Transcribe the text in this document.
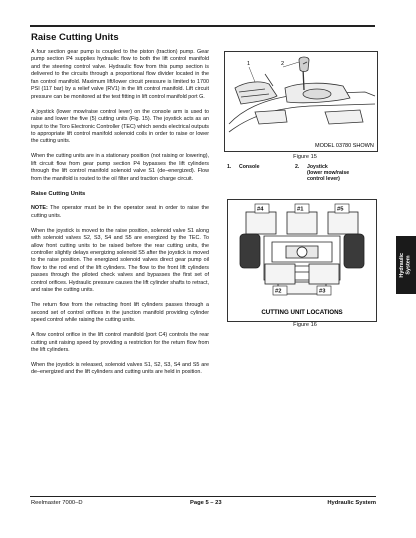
Raise Cutting Units

A four section gear pump is coupled to the piston (traction) pump. Gear pump section P4 supplies hydraulic flow to both the lift control manifold and the steering control valve. Hydraulic flow from this pump section is delivered to the circuits through a proportional flow divider located in the fan control manifold. Maximum lift/lower circuit pressure is limited to 1700 PSI (117 bar) by a relief valve (RV1) in the lift control manifold. Lift circuit pressure can be monitored at the test fitting in lift control manifold port G.

A joystick (lower mow/raise control lever) on the console arm is used to raise and lower the five (5) cutting units (Fig. 15). The joystick acts as an input to the Toro Electronic Controller (TEC) which sends electrical outputs to appropriate lift control manifold solenoid coils in order to raise or lower the cutting units.

When the cutting units are in a stationary position (not raising or lowering), lift circuit flow from gear pump section P4 bypasses the lift cylinders through the lift control manifold solenoid valve S1 (de–energized). Flow from the manifold is routed to the oil filter and traction charge circuit.

Raise Cutting Units

NOTE: The operator must be in the operator seat in order to raise the cutting units.

When the joystick is moved to the raise position, solenoid valve S1 along with solenoid valves S2, S3, S4 and S5 are energized by the TEC. To allow front cutting units to be raised before the rear cutting units, the controller slightly delays energizing solenoid S5 after the joystick is moved to the raise position. The energized solenoid valves direct gear pump oil flow to the rod end of the lift cylinders. The flow to the front lift cylinders passes through the piloted check valves and bypasses the first set of control orifices. Hydraulic pressure causes the lift cylinder shafts to retract, and raise the cutting units.

The return flow from the retracting front lift cylinders passes through a second set of control orifices in the junction manifold providing cylinder speed control while raising the cutting units.

A flow control orifice in the lift control manifold (port C4) controls the rear cutting unit raising speed by providing a restriction for the return flow from the lift cylinders.

When the joystick is released, solenoid valves S1, S2, S3, S4 and S5 are de–energized and the lift cylinders and cutting units are held in position.

1	2
MODEL 03780 SHOWN
Figure 15
1. Console	2. Joystick
(lower mow/raise
control lever)
#4	#1	#5
#2	#3
CUTTING UNIT LOCATIONS
Figure 16
Hydraulic
System
Reelmaster 7000–D	Page 5 – 23	Hydraulic System
